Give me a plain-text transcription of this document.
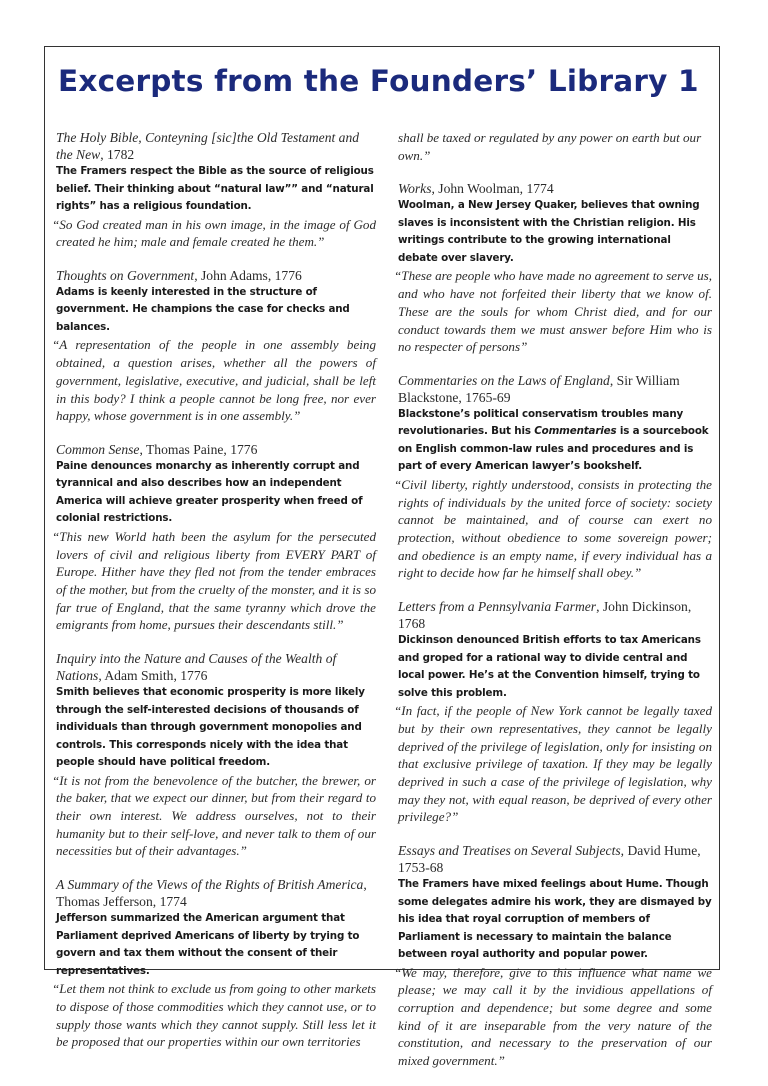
Excerpts from the Founders’ Library 1

The Holy Bible, Conteyning [sic]the Old Testament and the New, 1782

The Framers respect the Bible as the source of religious belief. Their thinking about “natural law”” and “natural rights” has a religious foundation.

“So God created man in his own image, in the image of God created he him; male and female created he them.”

Thoughts on Government, John Adams, 1776

Adams is keenly interested in the structure of government. He champions the case for checks and balances.

“A representation of the people in one assembly being obtained, a question arises, whether all the powers of government, legislative, executive, and judicial, shall be left in this body? I think a people cannot be long free, nor ever happy, whose government is in one assembly.”

Common Sense, Thomas Paine, 1776

Paine denounces monarchy as inherently corrupt and tyrannical and also describes how an independent America will achieve greater prosperity when freed of colonial restrictions.

“This new World hath been the asylum for the persecuted lovers of civil and religious liberty from EVERY PART of Europe. Hither have they fled not from the tender embraces of the mother, but from the cruelty of the monster, and it is so far true of England, that the same tyranny which drove the emigrants from home, pursues their descendants still.”

Inquiry into the Nature and Causes of the Wealth of Nations, Adam Smith, 1776

Smith believes that economic prosperity is more likely through the self-interested decisions of thousands of individuals than through government monopolies and controls. This corresponds nicely with the idea that people should have political freedom.

“It is not from the benevolence of the butcher, the brewer, or the baker, that we expect our dinner, but from their regard to their own interest. We address ourselves, not to their humanity but to their self-love, and never talk to them of our necessities but of their advantages.”

A Summary of the Views of the Rights of British America, Thomas Jefferson, 1774

Jefferson summarized the American argument that Parliament deprived Americans of liberty by trying to govern and tax them without the consent of their representatives.

“Let them not think to exclude us from going to other markets to dispose of those commodities which they cannot use, or to supply those wants which they cannot supply. Still less let it be proposed that our properties within our own territories

shall be taxed or regulated by any power on earth but our own.”

Works, John Woolman, 1774

Woolman, a New Jersey Quaker, believes that owning slaves is inconsistent with the Christian religion. His writings contribute to the growing international debate over slavery.

“These are people who have made no agreement to serve us, and who have not forfeited their liberty that we know of. These are the souls for whom Christ died, and for our conduct towards them we must answer before Him who is no respecter of persons”

Commentaries on the Laws of England, Sir William Blackstone, 1765-69

Blackstone’s political conservatism troubles many revolutionaries. But his Commentaries is a sourcebook on English common-law rules and procedures and is part of every American lawyer’s bookshelf.

“Civil liberty, rightly understood, consists in protecting the rights of individuals by the united force of society: society cannot be maintained, and of course can exert no protection, without obedience to some sovereign power; and obedience is an empty name, if every individual has a right to decide how far he himself shall obey.”

Letters from a Pennsylvania Farmer, John Dickinson, 1768

Dickinson denounced British efforts to tax Americans and groped for a rational way to divide central and local power. He’s at the Convention himself, trying to solve this problem.

“In fact, if the people of New York cannot be legally taxed but by their own representatives, they cannot be legally deprived of the privilege of legislation, only for insisting on that exclusive privilege of taxation. If they may be legally deprived in such a case of the privilege of legislation, why may they not, with equal reason, be deprived of every other privilege?”

Essays and Treatises on Several Subjects, David Hume, 1753-68

The Framers have mixed feelings about Hume. Though some delegates admire his work, they are dismayed by his idea that royal corruption of members of Parliament is necessary to maintain the balance between royal authority and popular power.

“We may, therefore, give to this influence what name we please; we may call it by the invidious appellations of corruption and dependence; but some degree and some kind of it are inseparable from the very nature of the constitution, and necessary to the preservation of our mixed government.”
